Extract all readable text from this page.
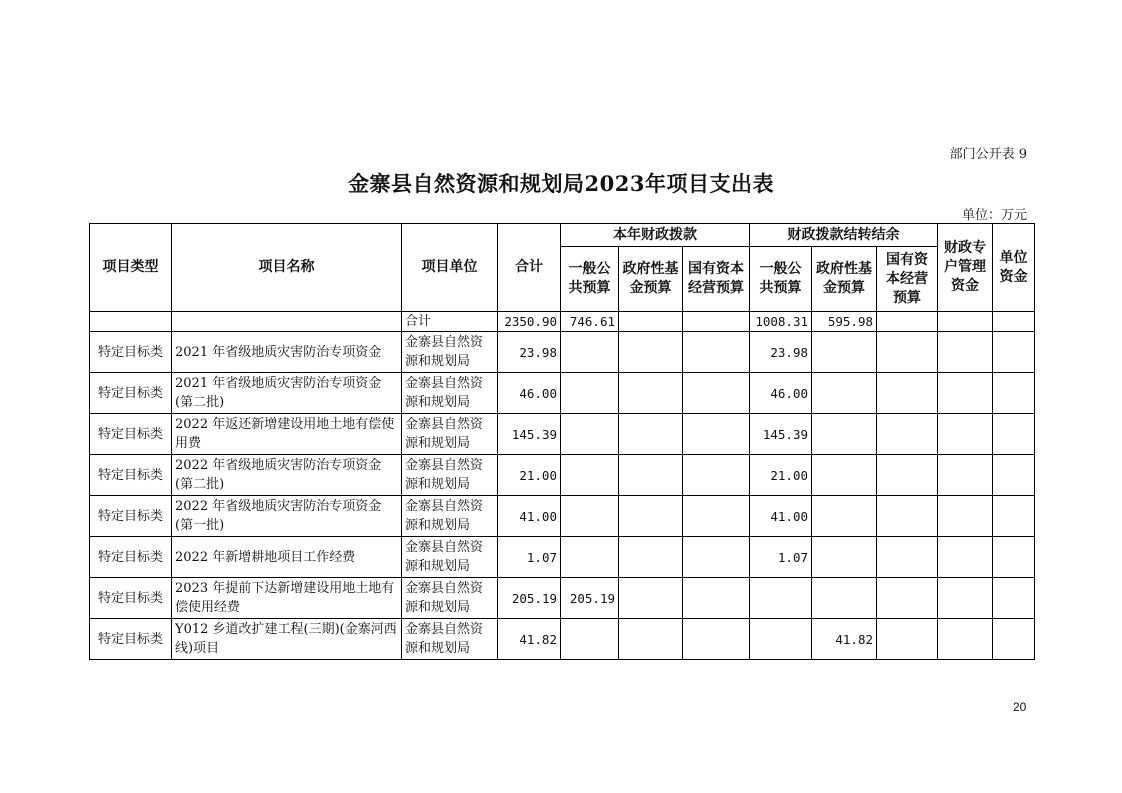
部门公开表 9
金寨县自然资源和规划局2023年项目支出表
单位：万元
项目类型	项目名称	项目单位	合计	本年财政拨款			财政拨款结转结余			财政专户管理资金	单位资金
				一般公共预算	政府性基金预算	国有资本经营预算	一般公共预算	政府性基金预算	国有资本经营预算		
		合计	2350.90	746.61			1008.31	595.98			
特定目标类	2021 年省级地质灾害防治专项资金	金寨县自然资源和规划局	23.98				23.98				
特定目标类	2021 年省级地质灾害防治专项资金(第二批)	金寨县自然资源和规划局	46.00				46.00				
特定目标类	2022 年返还新增建设用地土地有偿使用费	金寨县自然资源和规划局	145.39				145.39				
特定目标类	2022 年省级地质灾害防治专项资金(第二批)	金寨县自然资源和规划局	21.00				21.00				
特定目标类	2022 年省级地质灾害防治专项资金(第一批)	金寨县自然资源和规划局	41.00				41.00				
特定目标类	2022 年新增耕地项目工作经费	金寨县自然资源和规划局	1.07				1.07				
特定目标类	2023 年提前下达新增建设用地土地有偿使用经费	金寨县自然资源和规划局	205.19	205.19							
特定目标类	Y012 乡道改扩建工程(三期)(金寨河西线)项目	金寨县自然资源和规划局	41.82					41.82			
20
